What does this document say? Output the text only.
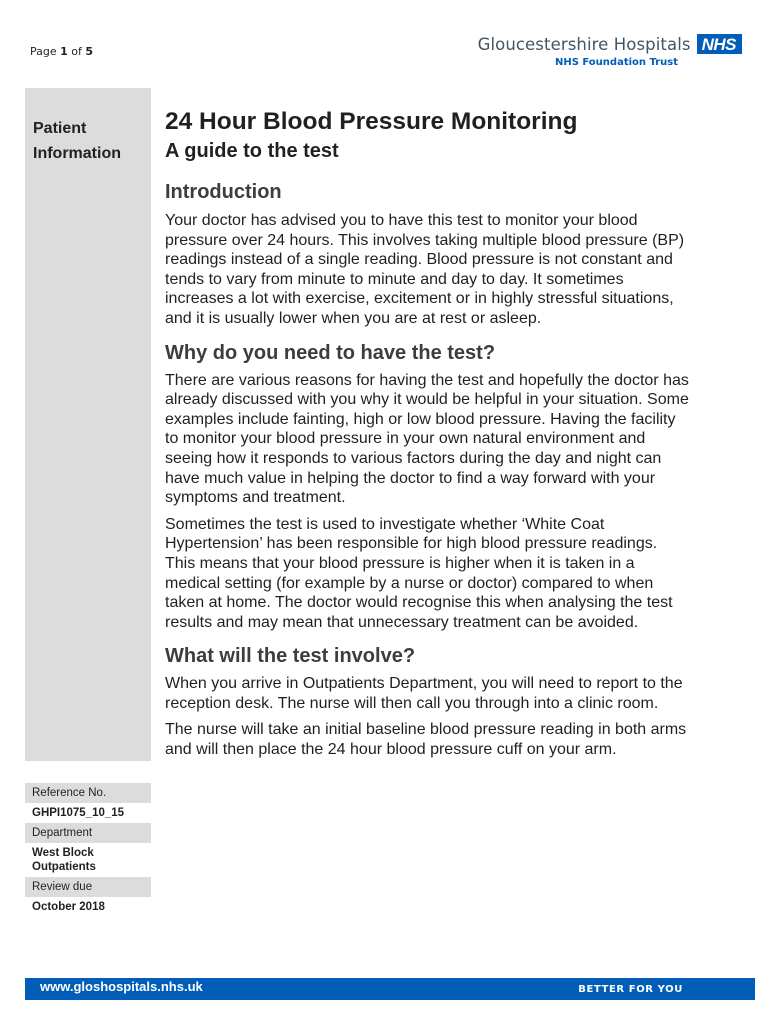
Page 1 of 5	Gloucestershire Hospitals NHS
NHS Foundation Trust
Patient
Information
Reference No.
GHPI1075_10_15
Department
West Block
Outpatients
Review due
October 2018
24 Hour Blood Pressure Monitoring
A guide to the test
Introduction

Your doctor has advised you to have this test to monitor your blood pressure over 24 hours. This involves taking multiple blood pressure (BP) readings instead of a single reading. Blood pressure is not constant and tends to vary from minute to minute and day to day. It sometimes increases a lot with exercise, excitement or in highly stressful situations, and it is usually lower when you are at rest or asleep.

Why do you need to have the test?

There are various reasons for having the test and hopefully the doctor has already discussed with you why it would be helpful in your situation. Some examples include fainting, high or low blood pressure. Having the facility to monitor your blood pressure in your own natural environment and seeing how it responds to various factors during the day and night can have much value in helping the doctor to find a way forward with your symptoms and treatment.

Sometimes the test is used to investigate whether ‘White Coat Hypertension’ has been responsible for high blood pressure readings. This means that your blood pressure is higher when it is taken in a medical setting (for example by a nurse or doctor) compared to when taken at home. The doctor would recognise this when analysing the test results and may mean that unnecessary treatment can be avoided.

What will the test involve?

When you arrive in Outpatients Department, you will need to report to the reception desk. The nurse will then call you through into a clinic room.

The nurse will take an initial baseline blood pressure reading in both arms and will then place the 24 hour blood pressure cuff on your arm.

www.gloshospitals.nhs.uk	BETTER FOR YOU
